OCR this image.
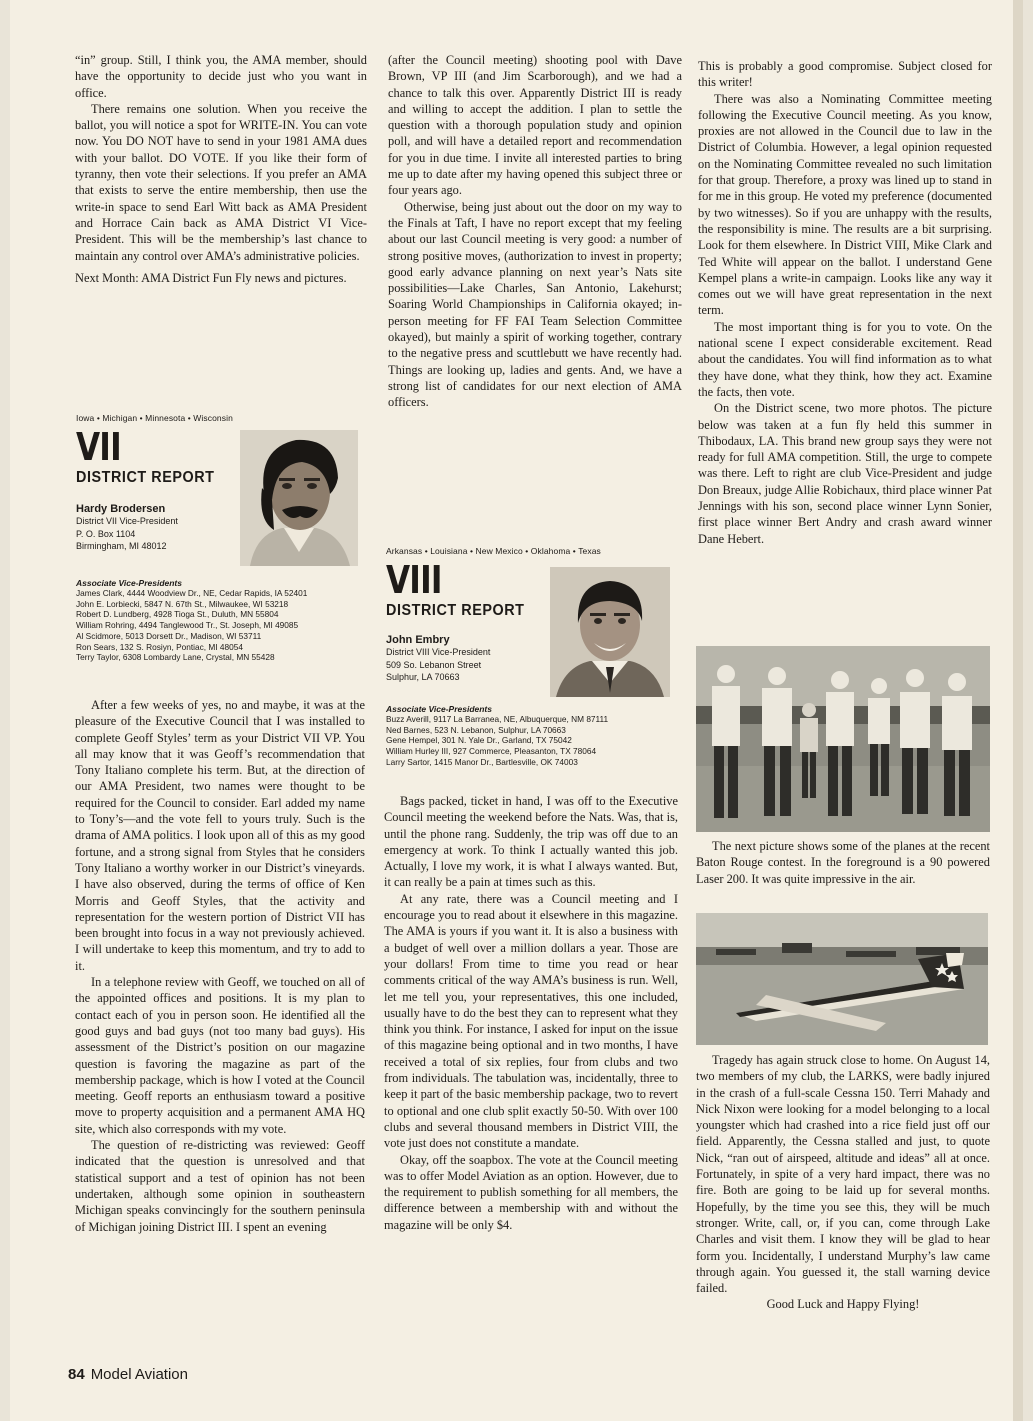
“in” group. Still, I think you, the AMA member, should have the opportunity to decide just who you want in office.

There remains one solution. When you receive the ballot, you will notice a spot for WRITE-IN. You can vote now. You DO NOT have to send in your 1981 AMA dues with your ballot. DO VOTE. If you like their form of tyranny, then vote their selections. If you prefer an AMA that exists to serve the entire membership, then use the write-in space to send Earl Witt back as AMA President and Horrace Cain back as AMA District VI Vice-President. This will be the membership’s last chance to maintain any control over AMA’s administrative policies.

Next Month: AMA District Fun Fly news and pictures.

Iowa • Michigan • Minnesota • Wisconsin
VII
DISTRICT REPORT
Hardy Brodersen
District VII Vice-President
P. O. Box 1104
Birmingham, MI 48012
Associate Vice-Presidents
James Clark, 4444 Woodview Dr., NE, Cedar Rapids, IA 52401
John E. Lorbiecki, 5847 N. 67th St., Milwaukee, WI 53218
Robert D. Lundberg, 4928 Tioga St., Duluth, MN 55804
William Rohring, 4494 Tanglewood Tr., St. Joseph, MI 49085
Al Scidmore, 5013 Dorsett Dr., Madison, WI 53711
Ron Sears, 132 S. Rosiyn, Pontiac, MI 48054
Terry Taylor, 6308 Lombardy Lane, Crystal, MN 55428

After a few weeks of yes, no and maybe, it was at the pleasure of the Executive Council that I was installed to complete Geoff Styles’ term as your District VII VP. You all may know that it was Geoff’s recommendation that Tony Italiano complete his term. But, at the direction of our AMA President, two names were thought to be required for the Council to consider. Earl added my name to Tony’s—and the vote fell to yours truly. Such is the drama of AMA politics. I look upon all of this as my good fortune, and a strong signal from Styles that he considers Tony Italiano a worthy worker in our District’s vineyards. I have also observed, during the terms of office of Ken Morris and Geoff Styles, that the activity and representation for the western portion of District VII has been brought into focus in a way not previously achieved. I will undertake to keep this momentum, and try to add to it.

In a telephone review with Geoff, we touched on all of the appointed offices and positions. It is my plan to contact each of you in person soon. He identified all the good guys and bad guys (not too many bad guys). His assessment of the District’s position on our magazine question is favoring the magazine as part of the membership package, which is how I voted at the Council meeting. Geoff reports an enthusiasm toward a positive move to property acquisition and a permanent AMA HQ site, which also corresponds with my vote.

The question of re-districting was reviewed: Geoff indicated that the question is unresolved and that statistical support and a test of opinion has not been undertaken, although some opinion in southeastern Michigan speaks convincingly for the southern peninsula of Michigan joining District III. I spent an evening

(after the Council meeting) shooting pool with Dave Brown, VP III (and Jim Scarborough), and we had a chance to talk this over. Apparently District III is ready and willing to accept the addition. I plan to settle the question with a thorough population study and opinion poll, and will have a detailed report and recommendation for you in due time. I invite all interested parties to bring me up to date after my having opened this subject three or four years ago.

Otherwise, being just about out the door on my way to the Finals at Taft, I have no report except that my feeling about our last Council meeting is very good: a number of strong positive moves, (authorization to invest in property; good early advance planning on next year’s Nats site possibilities—Lake Charles, San Antonio, Lakehurst; Soaring World Championships in California okayed; in-person meeting for FF FAI Team Selection Committee okayed), but mainly a spirit of working together, contrary to the negative press and scuttlebutt we have recently had. Things are looking up, ladies and gents. And, we have a strong list of candidates for our next election of AMA officers.

Arkansas • Louisiana • New Mexico • Oklahoma • Texas
VIII
DISTRICT REPORT
John Embry
District VIII Vice-President
509 So. Lebanon Street
Sulphur, LA 70663
Associate Vice-Presidents
Buzz Averill, 9117 La Barranea, NE, Albuquerque, NM 87111
Ned Barnes, 523 N. Lebanon, Sulphur, LA 70663
Gene Hempel, 301 N. Yale Dr., Garland, TX 75042
William Hurley III, 927 Commerce, Pleasanton, TX 78064
Larry Sartor, 1415 Manor Dr., Bartlesville, OK 74003

Bags packed, ticket in hand, I was off to the Executive Council meeting the weekend before the Nats. Was, that is, until the phone rang. Suddenly, the trip was off due to an emergency at work. To think I actually wanted this job. Actually, I love my work, it is what I always wanted. But, it can really be a pain at times such as this.

At any rate, there was a Council meeting and I encourage you to read about it elsewhere in this magazine. The AMA is yours if you want it. It is also a business with a budget of well over a million dollars a year. Those are your dollars! From time to time you read or hear comments critical of the way AMA’s business is run. Well, let me tell you, your representatives, this one included, usually have to do the best they can to represent what they think you think. For instance, I asked for input on the issue of this magazine being optional and in two months, I have received a total of six replies, four from clubs and two from individuals. The tabulation was, incidentally, three to keep it part of the basic membership package, two to revert to optional and one club split exactly 50-50. With over 100 clubs and several thousand members in District VIII, the vote just does not constitute a mandate.

Okay, off the soapbox. The vote at the Council meeting was to offer Model Aviation as an option. However, due to the requirement to publish something for all members, the difference between a membership with and without the magazine will be only $4.

This is probably a good compromise. Subject closed for this writer!

There was also a Nominating Committee meeting following the Executive Council meeting. As you know, proxies are not allowed in the Council due to law in the District of Columbia. However, a legal opinion requested on the Nominating Committee revealed no such limitation for that group. Therefore, a proxy was lined up to stand in for me in this group. He voted my preference (documented by two witnesses). So if you are unhappy with the results, the responsibility is mine. The results are a bit surprising. Look for them elsewhere. In District VIII, Mike Clark and Ted White will appear on the ballot. I understand Gene Kempel plans a write-in campaign. Looks like any way it comes out we will have great representation in the next term.

The most important thing is for you to vote. On the national scene I expect considerable excitement. Read about the candidates. You will find information as to what they have done, what they think, how they act. Examine the facts, then vote.

On the District scene, two more photos. The picture below was taken at a fun fly held this summer in Thibodaux, LA. This brand new group says they were not ready for full AMA competition. Still, the urge to compete was there. Left to right are club Vice-President and judge Don Breaux, judge Allie Robichaux, third place winner Pat Jennings with his son, second place winner Lynn Sonier, first place winner Bert Andry and crash award winner Dane Hebert.

The next picture shows some of the planes at the recent Baton Rouge contest. In the foreground is a 90 powered Laser 200. It was quite impressive in the air.

Tragedy has again struck close to home. On August 14, two members of my club, the LARKS, were badly injured in the crash of a full-scale Cessna 150. Terri Mahady and Nick Nixon were looking for a model belonging to a local youngster which had crashed into a rice field just off our field. Apparently, the Cessna stalled and just, to quote Nick, “ran out of airspeed, altitude and ideas” all at once. Fortunately, in spite of a very hard impact, there was no fire. Both are going to be laid up for several months. Hopefully, by the time you see this, they will be much stronger. Write, call, or, if you can, come through Lake Charles and visit them. I know they will be glad to hear form you. Incidentally, I understand Murphy’s law came through again. You guessed it, the stall warning device failed.

Good Luck and Happy Flying!

84 Model Aviation
